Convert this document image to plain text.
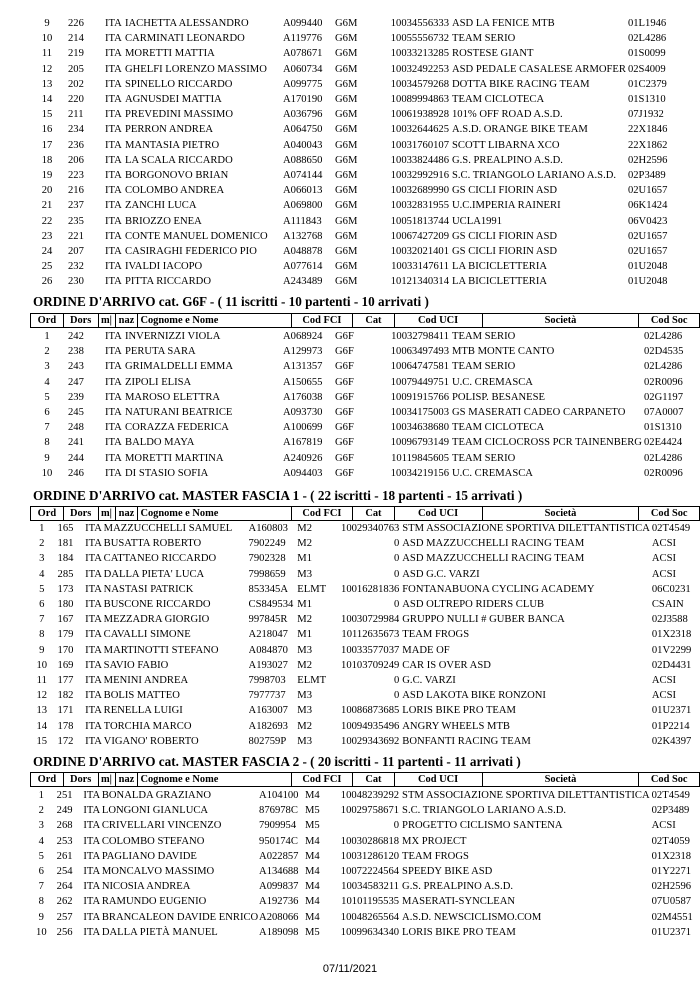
9	226		ITA	IACHETTA ALESSANDRO	A099440	G6M	10034556333	ASD LA FENICE MTB	01L1946
10	214		ITA	CARMINATI LEONARDO	A119776	G6M	10055556732	TEAM SERIO	02L4286
11	219		ITA	MORETTI MATTIA	A078671	G6M	10033213285	ROSTESE GIANT	01S0099
12	205		ITA	GHELFI LORENZO MASSIMO	A060734	G6M	10032492253	ASD PEDALE CASALESE ARMOFER	02S4009
13	202		ITA	SPINELLO RICCARDO	A099775	G6M	10034579268	DOTTA BIKE RACING TEAM	01C2379
14	220		ITA	AGNUSDEI MATTIA	A170190	G6M	10089994863	TEAM CICLOTECA	01S1310
15	211		ITA	PREVEDINI MASSIMO	A036796	G6M	10061938928	101% OFF ROAD A.S.D.	07J1932
16	234		ITA	PERRON ANDREA	A064750	G6M	10032644625	A.S.D. ORANGE BIKE TEAM	22X1846
17	236		ITA	MANTASIA PIETRO	A040043	G6M	10031760107	SCOTT LIBARNA XCO	22X1862
18	206		ITA	LA SCALA RICCARDO	A088650	G6M	10033824486	G.S. PREALPINO A.S.D.	02H2596
19	223		ITA	BORGONOVO BRIAN	A074144	G6M	10032992916	S.C. TRIANGOLO LARIANO A.S.D.	02P3489
20	216		ITA	COLOMBO ANDREA	A066013	G6M	10032689990	GS CICLI FIORIN ASD	02U1657
21	237		ITA	ZANCHI LUCA	A069800	G6M	10032831955	U.C.IMPERIA RAINERI	06K1424
22	235		ITA	BRIOZZO ENEA	A111843	G6M	10051813744	UCLA1991	06V0423
23	221		ITA	CONTE MANUEL DOMENICO	A132768	G6M	10067427209	GS CICLI FIORIN ASD	02U1657
24	207		ITA	CASIRAGHI FEDERICO PIO	A048878	G6M	10032021401	GS CICLI FIORIN ASD	02U1657
25	232		ITA	IVALDI IACOPO	A077614	G6M	10033147611	LA BICICLETTERIA	01U2048
26	230		ITA	PITTA RICCARDO	A243489	G6M	10121340314	LA BICICLETTERIA	01U2048
ORDINE D'ARRIVO cat. G6F - ( 11 iscritti - 10 partenti - 10 arrivati )
Ord	Dors	m|	naz	Cognome e Nome	Cod FCI	Cat	Cod UCI	Società	Cod Soc
1	242		ITA	INVERNIZZI VIOLA	A068924	G6F	10032798411	TEAM SERIO	02L4286
2	238		ITA	PERUTA SARA	A129973	G6F	10063497493	MTB MONTE CANTO	02D4535
3	243		ITA	GRIMALDELLI EMMA	A131357	G6F	10064747581	TEAM SERIO	02L4286
4	247		ITA	ZIPOLI ELISA	A150655	G6F	10079449751	U.C. CREMASCA	02R0096
5	239		ITA	MAROSO ELETTRA	A176038	G6F	10091915766	POLISP. BESANESE	02G1197
6	245		ITA	NATURANI BEATRICE	A093730	G6F	10034175003	GS MASERATI CADEO CARPANETO	07A0007
7	248		ITA	CORAZZA FEDERICA	A100699	G6F	10034638680	TEAM CICLOTECA	01S1310
8	241		ITA	BALDO MAYA	A167819	G6F	10096793149	TEAM CICLOCROSS PCR TAINENBERG	02E4424
9	244		ITA	MORETTI MARTINA	A240926	G6F	10119845605	TEAM SERIO	02L4286
10	246		ITA	DI STASIO SOFIA	A094403	G6F	10034219156	U.C. CREMASCA	02R0096
ORDINE D'ARRIVO cat. MASTER FASCIA 1 - ( 22 iscritti - 18 partenti - 15 arrivati )
Ord	Dors	m|	naz	Cognome e Nome	Cod FCI	Cat	Cod UCI	Società	Cod Soc
1	165		ITA	MAZZUCCHELLI SAMUEL	A160803	M2	10029340763	STM ASSOCIAZIONE SPORTIVA DILETTANTISTICA	02T4549
2	181		ITA	BUSATTA ROBERTO	7902249	M2	0	ASD MAZZUCCHELLI RACING TEAM	ACSI
3	184		ITA	CATTANEO RICCARDO	7902328	M1	0	ASD MAZZUCCHELLI RACING TEAM	ACSI
4	285		ITA	DALLA PIETA' LUCA	7998659	M3	0	ASD G.C. VARZI	ACSI
5	173		ITA	NASTASI PATRICK	853345A	ELMT	10016281836	FONTANABUONA CYCLING ACADEMY	06C0231
6	180		ITA	BUSCONE RICCARDO	CS849534	M1	0	ASD OLTREPO RIDERS CLUB	CSAIN
7	167		ITA	MEZZADRA GIORGIO	997845R	M2	10030729984	GRUPPO NULLI # GUBER BANCA	02J3588
8	179		ITA	CAVALLI SIMONE	A218047	M1	10112635673	TEAM FROGS	01X2318
9	170		ITA	MARTINOTTI STEFANO	A084870	M3	10033577037	MADE OF	01V2299
10	169		ITA	SAVIO FABIO	A193027	M2	10103709249	CAR IS OVER ASD	02D4431
11	177		ITA	MENINI ANDREA	7998703	ELMT	0	G.C. VARZI	ACSI
12	182		ITA	BOLIS MATTEO	7977737	M3	0	ASD LAKOTA BIKE RONZONI	ACSI
13	171		ITA	RENELLA LUIGI	A163007	M3	10086873685	LORIS BIKE PRO TEAM	01U2371
14	178		ITA	TORCHIA MARCO	A182693	M2	10094935496	ANGRY WHEELS MTB	01P2214
15	172		ITA	VIGANO' ROBERTO	802759P	M3	10029343692	BONFANTI RACING TEAM	02K4397
ORDINE D'ARRIVO cat. MASTER FASCIA 2 - ( 20 iscritti - 11 partenti - 11 arrivati )
Ord	Dors	m|	naz	Cognome e Nome	Cod FCI	Cat	Cod UCI	Società	Cod Soc
1	251		ITA	BONALDA GRAZIANO	A104100	M4	10048239292	STM ASSOCIAZIONE SPORTIVA DILETTANTISTICA	02T4549
2	249		ITA	LONGONI GIANLUCA	876978C	M5	10029758671	S.C. TRIANGOLO LARIANO A.S.D.	02P3489
3	268		ITA	CRIVELLARI VINCENZO	7909954	M5	0	PROGETTO CICLISMO SANTENA	ACSI
4	253		ITA	COLOMBO STEFANO	950174C	M4	10030286818	MX PROJECT	02T4059
5	261		ITA	PAGLIANO DAVIDE	A022857	M4	10031286120	TEAM FROGS	01X2318
6	254		ITA	MONCALVO MASSIMO	A134688	M4	10072224564	SPEEDY BIKE ASD	01Y2271
7	264		ITA	NICOSIA ANDREA	A099837	M4	10034583211	G.S. PREALPINO A.S.D.	02H2596
8	262		ITA	RAMUNDO EUGENIO	A192736	M4	10101195535	MASERATI-SYNCLEAN	07U0587
9	257		ITA	BRANCALEON DAVIDE ENRICO	A208066	M4	10048265564	A.S.D. NEWSCICLISMO.COM	02M4551
10	256		ITA	DALLA PIETÀ MANUEL	A189098	M5	10099634340	LORIS BIKE PRO TEAM	01U2371
07/11/2021
